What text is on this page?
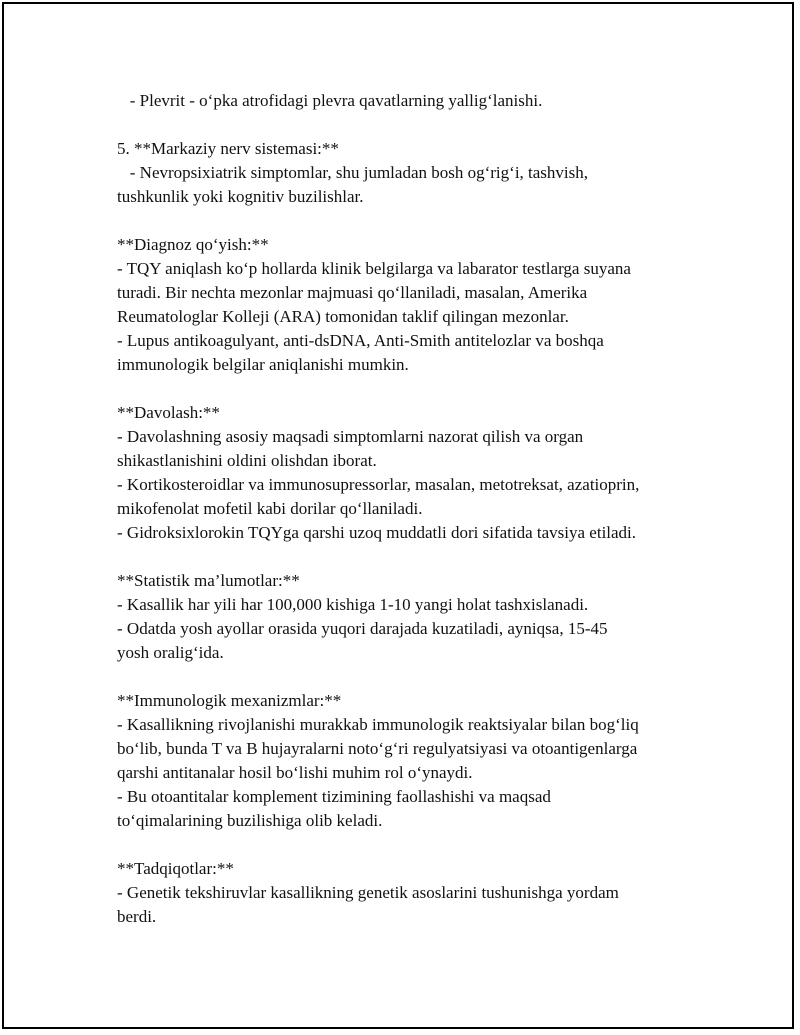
- Plevrit - o‘pka atrofidagi plevra qavatlarning yallig‘lanishi.
5. **Markaziy nerv sistemasi:**
- Nevropsixiatrik simptomlar, shu jumladan bosh og‘rig‘i, tashvish,
tushkunlik yoki kognitiv buzilishlar.
**Diagnoz qo‘yish:**
- TQY aniqlash ko‘p hollarda klinik belgilarga va labarator testlarga suyana
turadi. Bir nechta mezonlar majmuasi qo‘llaniladi, masalan, Amerika
Reumatologlar Kolleji (ARA) tomonidan taklif qilingan mezonlar.
- Lupus antikoagulyant, anti-dsDNA, Anti-Smith antitelozlar va boshqa
immunologik belgilar aniqlanishi mumkin.
**Davolash:**
- Davolashning asosiy maqsadi simptomlarni nazorat qilish va organ
shikastlanishini oldini olishdan iborat.
- Kortikosteroidlar va immunosupressorlar, masalan, metotreksat, azatioprin,
mikofenolat mofetil kabi dorilar qo‘llaniladi.
- Gidroksixlorokin TQYga qarshi uzoq muddatli dori sifatida tavsiya etiladi.
**Statistik ma’lumotlar:**
- Kasallik har yili har 100,000 kishiga 1-10 yangi holat tashxislanadi.
- Odatda yosh ayollar orasida yuqori darajada kuzatiladi, ayniqsa, 15-45
yosh oralig‘ida.
**Immunologik mexanizmlar:**
- Kasallikning rivojlanishi murakkab immunologik reaktsiyalar bilan bog‘liq
bo‘lib, bunda T va B hujayralarni noto‘g‘ri regulyatsiyasi va otoantigenlarga
qarshi antitanalar hosil bo‘lishi muhim rol o‘ynaydi.
- Bu otoantitalar komplement tizimining faollashishi va maqsad
to‘qimalarining buzilishiga olib keladi.
**Tadqiqotlar:**
- Genetik tekshiruvlar kasallikning genetik asoslarini tushunishga yordam
berdi.
